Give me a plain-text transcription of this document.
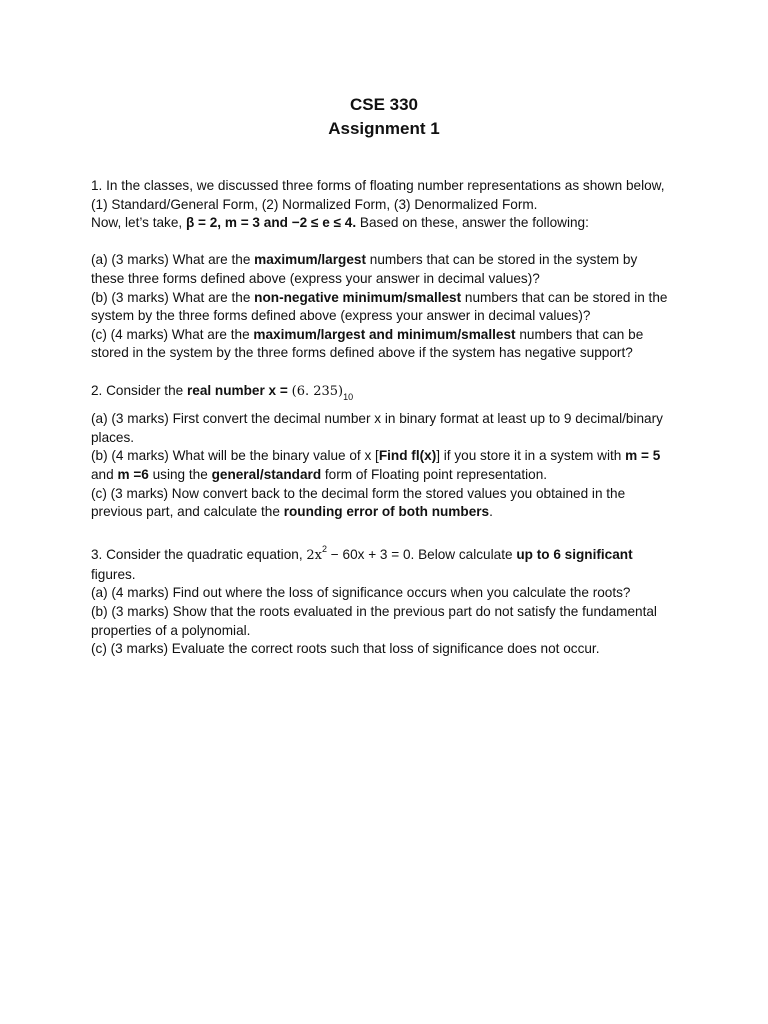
CSE 330
Assignment 1

1. In the classes, we discussed three forms of floating number representations as shown below,

(1) Standard/General Form, (2) Normalized Form, (3) Denormalized Form.

Now, let’s take, β = 2, m = 3 and −2 ≤ e ≤ 4. Based on these, answer the following:

(a) (3 marks) What are the maximum/largest numbers that can be stored in the system by

these three forms defined above (express your answer in decimal values)?

(b) (3 marks) What are the non-negative minimum/smallest numbers that can be stored in the

system by the three forms defined above (express your answer in decimal values)?

(c) (4 marks) What are the maximum/largest and minimum/smallest numbers that can be

stored in the system by the three forms defined above if the system has negative support?

2. Consider the real number x = (6. $235)_{10}$

(a) (3 marks) First convert the decimal number x in binary format at least up to 9 decimal/binary

places.

(b) (4 marks) What will be the binary value of x [Find fl(x)] if you store it in a system with m = 5

and m =6 using the general/standard form of Floating point representation.

(c) (3 marks) Now convert back to the decimal form the stored values you obtained in the

previous part, and calculate the rounding error of both numbers.

3. Consider the quadratic equation, $2x^2 - 60x + 3 = 0$. Below calculate up to 6 significant

figures.

(a) (4 marks) Find out where the loss of significance occurs when you calculate the roots?

(b) (3 marks) Show that the roots evaluated in the previous part do not satisfy the fundamental

properties of a polynomial.

(c) (3 marks) Evaluate the correct roots such that loss of significance does not occur.
